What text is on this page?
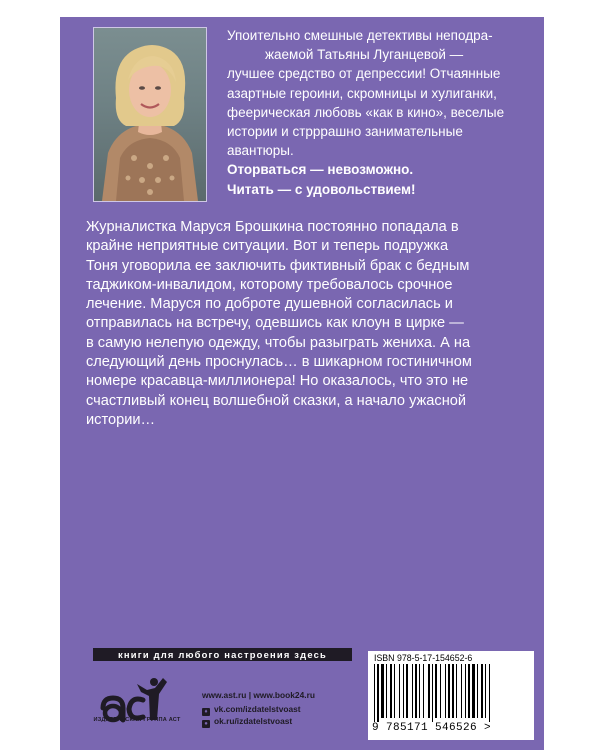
Упоительно смешные детективы неподра-

жаемой Татьяны Луганцевой —

лучшее средство от депрессии! Отчаянные

азартные героини, скромницы и хулиганки,

феерическая любовь «как в кино», веселые

истории и стрррашно занимательные

авантюры.

Оторваться — невозможно.

Читать — с удовольствием!

Журналистка Маруся Брошкина постоянно попадала в
крайне неприятные ситуации. Вот и теперь подружка
Тоня уговорила ее заключить фиктивный брак с бедным
таджиком-инвалидом, которому требовалось срочное
лечение. Маруся по доброте душевной согласилась и
отправилась на встречу, одевшись как клоун в цирке —
в самую нелепую одежду, чтобы разыграть жениха. А на
следующий день проснулась… в шикарном гостиничном
номере красавца-миллионера! Но оказалось, что это не
счастливый конец волшебной сказки, а начало ужасной
истории…
книги для любого настроения здесь
ИЗДАТЕЛЬСКАЯ ГРУППА АСТ
www.ast.ru | www.book24.ru
♦ vk.com/izdatelstvoast
● ok.ru/izdatelstvoast
ISBN 978-5-17-154652-6
9 785171 546526 >
